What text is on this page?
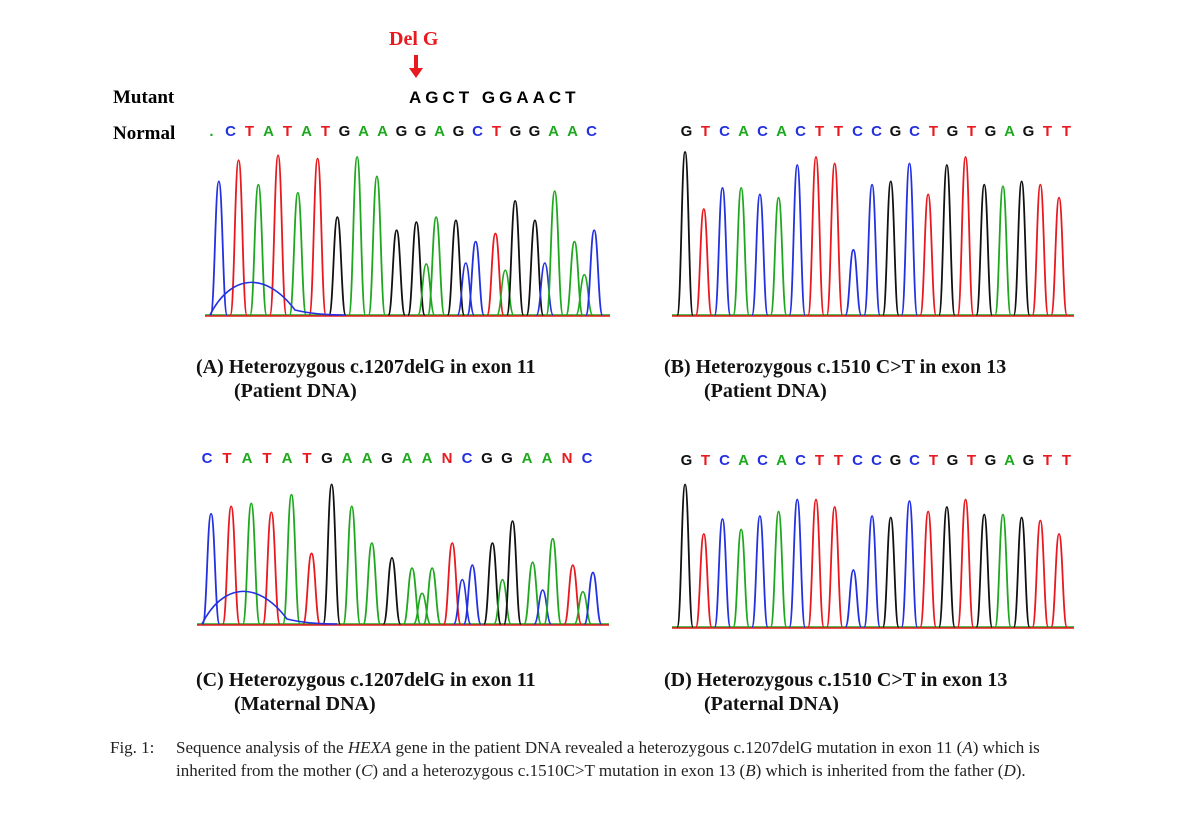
Del G
Mutant
Normal
AGCT GGAACT
. C T A T A T G A A G G A G C T G G A A C	G T C A C A C T T C C G C T G T G A G T T
C T A T A T G A A G A A N C G G A A N C	G T C A C A C T T C C G C T G T G A G T T
(A) Heterozygous c.1207delG in exon 11
(Patient DNA)
(B) Heterozygous c.1510 C>T in exon 13
(Patient DNA)
(C) Heterozygous c.1207delG in exon 11
(Maternal DNA)
(D) Heterozygous c.1510 C>T in exon 13
(Paternal DNA)
Fig. 1:	Sequence analysis of the HEXA gene in the patient DNA revealed a heterozygous c.1207delG mutation in exon 11 (A) which is inherited from the mother (C) and a heterozygous c.1510C>T mutation in exon 13 (B) which is inherited from the father (D).
